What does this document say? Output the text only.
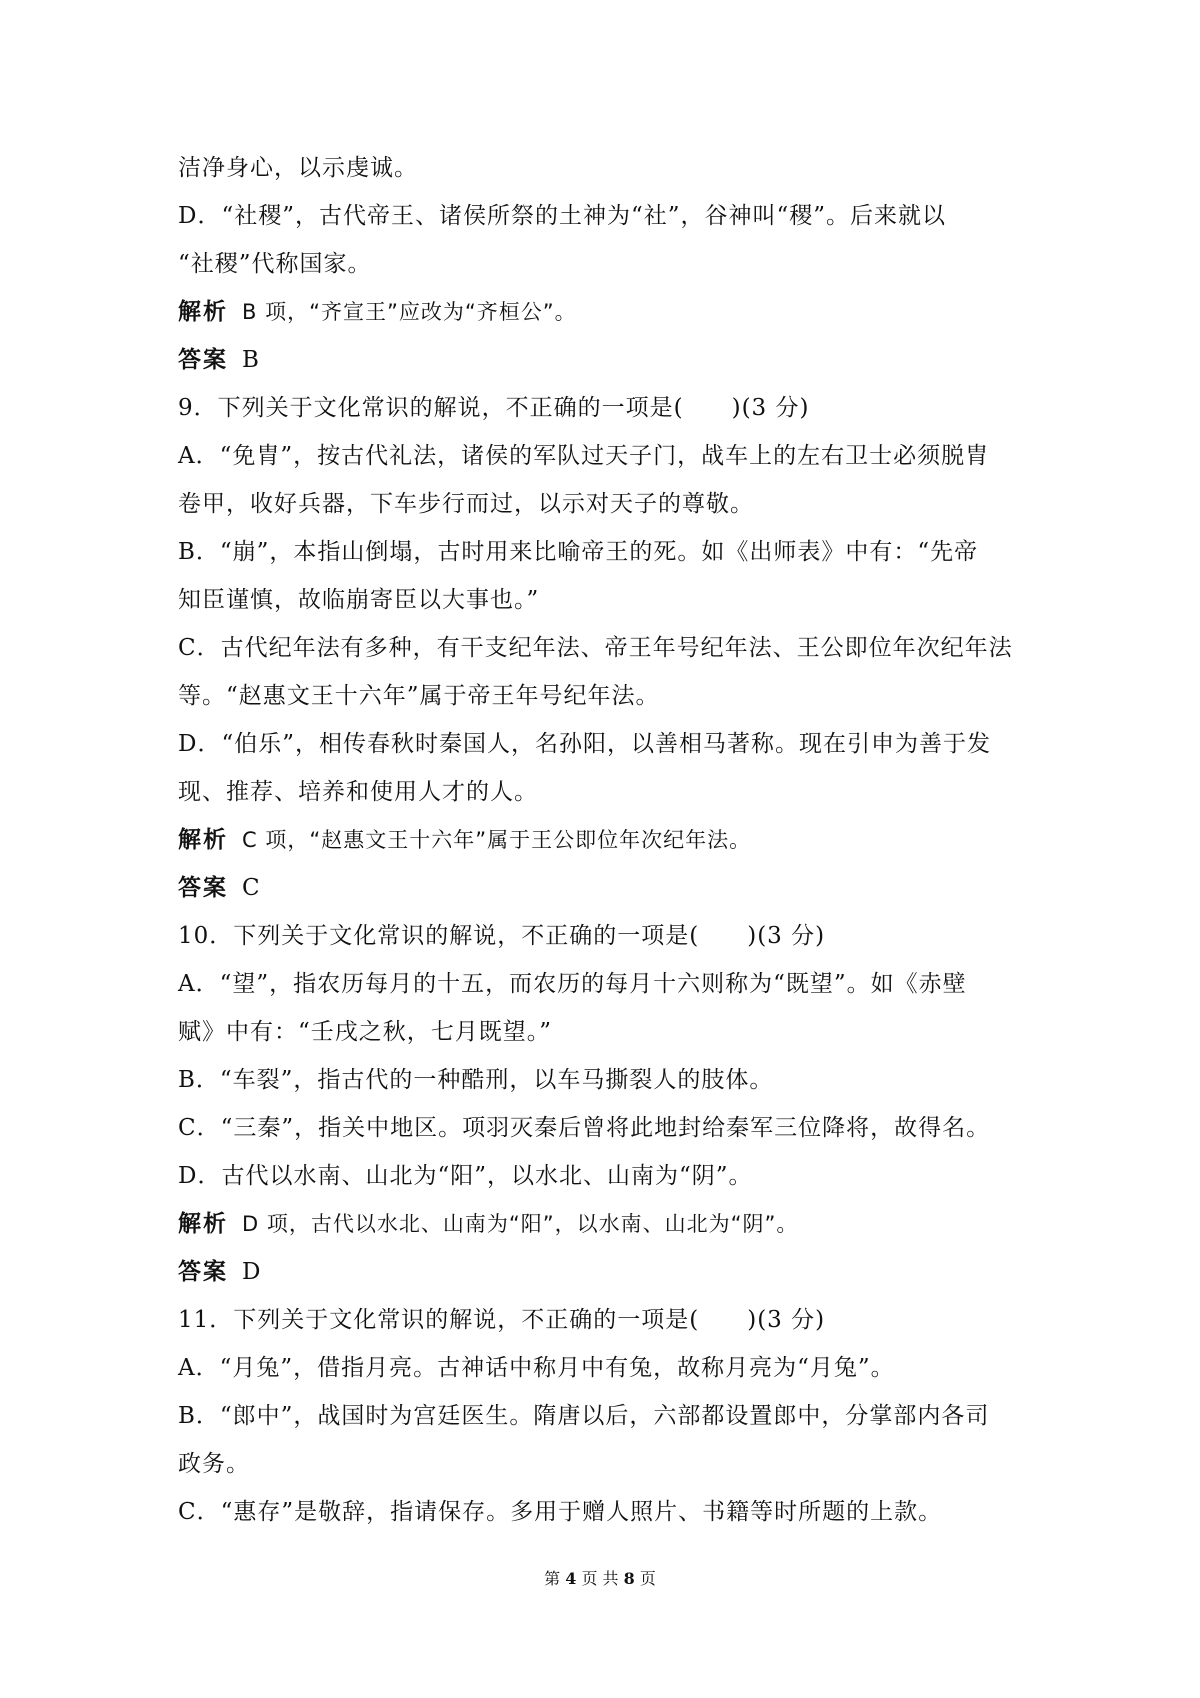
洁净身心，以示虔诚。
D．“社稷”，古代帝王、诸侯所祭的土神为“社”，谷神叫“稷”。后来就以
“社稷”代称国家。
解析 B 项，“齐宣王”应改为“齐桓公”。
答案 B
9．下列关于文化常识的解说，不正确的一项是(　　)(3 分)
A．“免胄”，按古代礼法，诸侯的军队过天子门，战车上的左右卫士必须脱胄
卷甲，收好兵器，下车步行而过，以示对天子的尊敬。
B．“崩”，本指山倒塌，古时用来比喻帝王的死。如《出师表》中有：“先帝
知臣谨慎，故临崩寄臣以大事也。”
C．古代纪年法有多种，有干支纪年法、帝王年号纪年法、王公即位年次纪年法
等。“赵惠文王十六年”属于帝王年号纪年法。
D．“伯乐”，相传春秋时秦国人，名孙阳，以善相马著称。现在引申为善于发
现、推荐、培养和使用人才的人。
解析 C 项，“赵惠文王十六年”属于王公即位年次纪年法。
答案 C
10．下列关于文化常识的解说，不正确的一项是(　　)(3 分)
A．“望”，指农历每月的十五，而农历的每月十六则称为“既望”。如《赤壁
赋》中有：“壬戌之秋，七月既望。”
B．“车裂”，指古代的一种酷刑，以车马撕裂人的肢体。
C．“三秦”，指关中地区。项羽灭秦后曾将此地封给秦军三位降将，故得名。
D．古代以水南、山北为“阳”，以水北、山南为“阴”。
解析 D 项，古代以水北、山南为“阳”，以水南、山北为“阴”。
答案 D
11．下列关于文化常识的解说，不正确的一项是(　　)(3 分)
A．“月兔”，借指月亮。古神话中称月中有兔，故称月亮为“月兔”。
B．“郎中”，战国时为宫廷医生。隋唐以后，六部都设置郎中，分掌部内各司
政务。
C．“惠存”是敬辞，指请保存。多用于赠人照片、书籍等时所题的上款。
第 4 页 共 8 页
